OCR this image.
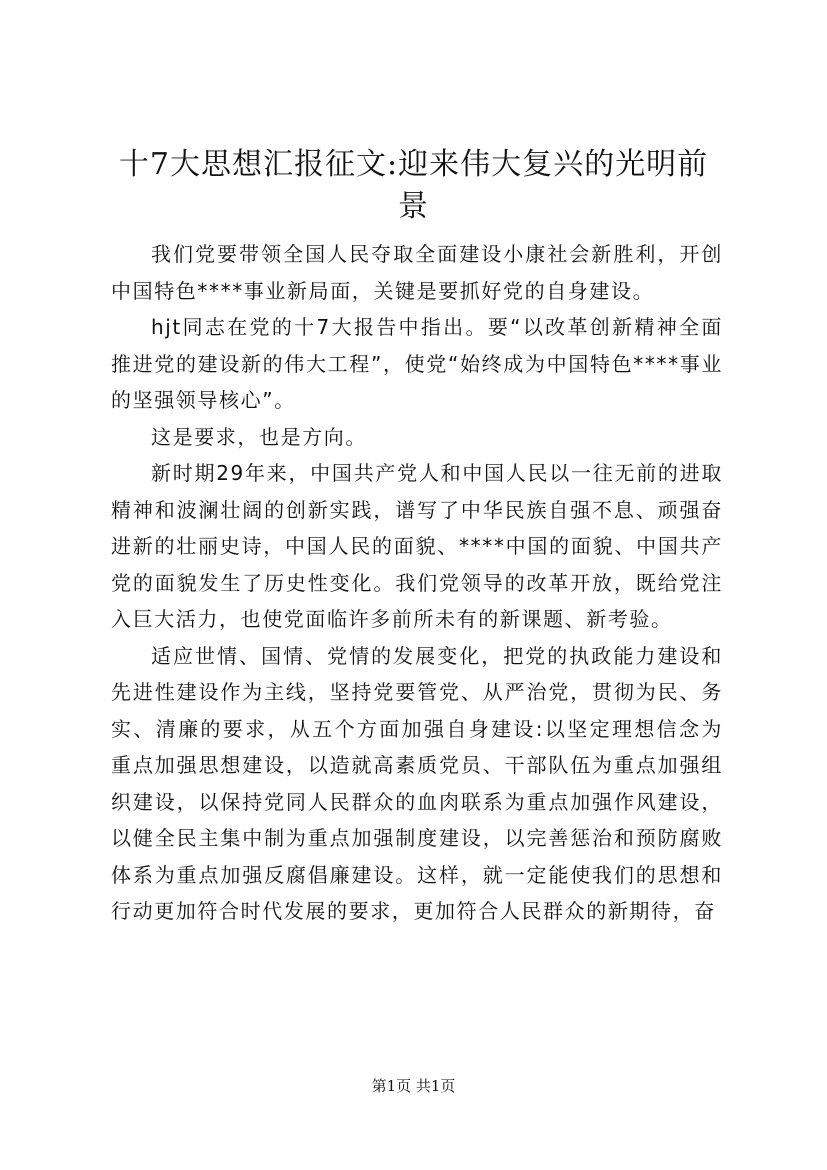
十7大思想汇报征文:迎来伟大复兴的光明前
景

我们党要带领全国人民夺取全面建设小康社会新胜利，开创中国特色****事业新局面，关键是要抓好党的自身建设。

hjt同志在党的十7大报告中指出。要“以改革创新精神全面推进党的建设新的伟大工程”，使党“始终成为中国特色****事业的坚强领导核心”。

这是要求，也是方向。

新时期29年来，中国共产党人和中国人民以一往无前的进取精神和波澜壮阔的创新实践，谱写了中华民族自强不息、顽强奋进新的壮丽史诗，中国人民的面貌、****中国的面貌、中国共产党的面貌发生了历史性变化。我们党领导的改革开放，既给党注入巨大活力，也使党面临许多前所未有的新课题、新考验。

适应世情、国情、党情的发展变化，把党的执政能力建设和先进性建设作为主线，坚持党要管党、从严治党，贯彻为民、务实、清廉的要求，从五个方面加强自身建设:以坚定理想信念为重点加强思想建设，以造就高素质党员、干部队伍为重点加强组织建设，以保持党同人民群众的血肉联系为重点加强作风建设，以健全民主集中制为重点加强制度建设，以完善惩治和预防腐败体系为重点加强反腐倡廉建设。这样，就一定能使我们的思想和行动更加符合时代发展的要求，更加符合人民群众的新期待，奋

第1页 共1页
